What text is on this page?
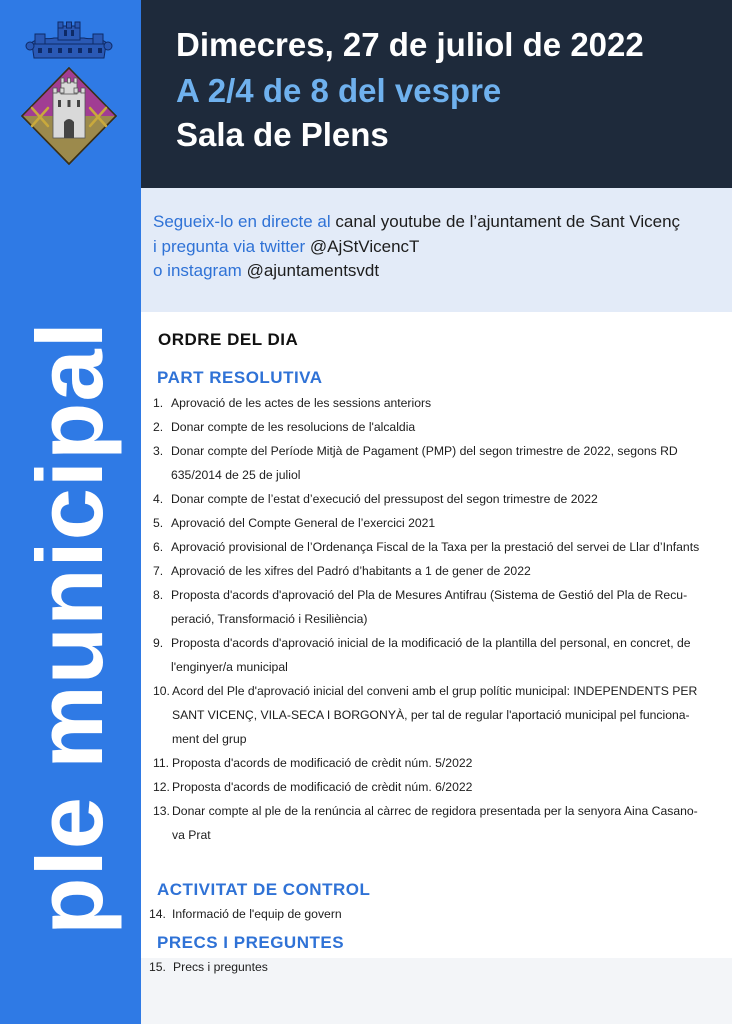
ple municipal
Dimecres, 27 de juliol de 2022
A 2/4 de 8 del vespre
Sala de Plens
Segueix-lo en directe al canal youtube de l’ajuntament de Sant Vicenç
i pregunta via twitter @AjStVicencT
o instagram @ajuntamentsvdt
ORDRE DEL DIA
PART RESOLUTIVA
1. Aprovació de les actes de les sessions anteriors
2. Donar compte de les resolucions de l'alcaldia
3. Donar compte del Període Mitjà de Pagament (PMP) del segon trimestre de 2022, segons RD
635/2014 de 25 de juliol
4. Donar compte de l’estat d’execució del pressupost del segon trimestre de 2022
5. Aprovació del Compte General de l’exercici 2021
6. Aprovació provisional de l’Ordenança Fiscal de la Taxa per la prestació del servei de Llar d’Infants
7. Aprovació de les xifres del Padró d’habitants a 1 de gener de 2022
8. Proposta d'acords d'aprovació del Pla de Mesures Antifrau (Sistema de Gestió del Pla de Recu-
peració, Transformació i Resiliència)
9. Proposta d'acords d'aprovació inicial de la modificació de la plantilla del personal, en concret, de
l'enginyer/a municipal
10. Acord del Ple d'aprovació inicial del conveni amb el grup polític municipal: INDEPENDENTS PER
SANT VICENÇ, VILA-SECA I BORGONYÀ, per tal de regular l'aportació municipal pel funciona-
ment del grup
11. Proposta d'acords de modificació de crèdit núm. 5/2022
12. Proposta d'acords de modificació de crèdit núm. 6/2022
13. Donar compte al ple de la renúncia al càrrec de regidora presentada per la senyora Aina Casano-
va Prat
ACTIVITAT DE CONTROL
14. Informació de l'equip de govern
PRECS I PREGUNTES
15. Precs i preguntes
